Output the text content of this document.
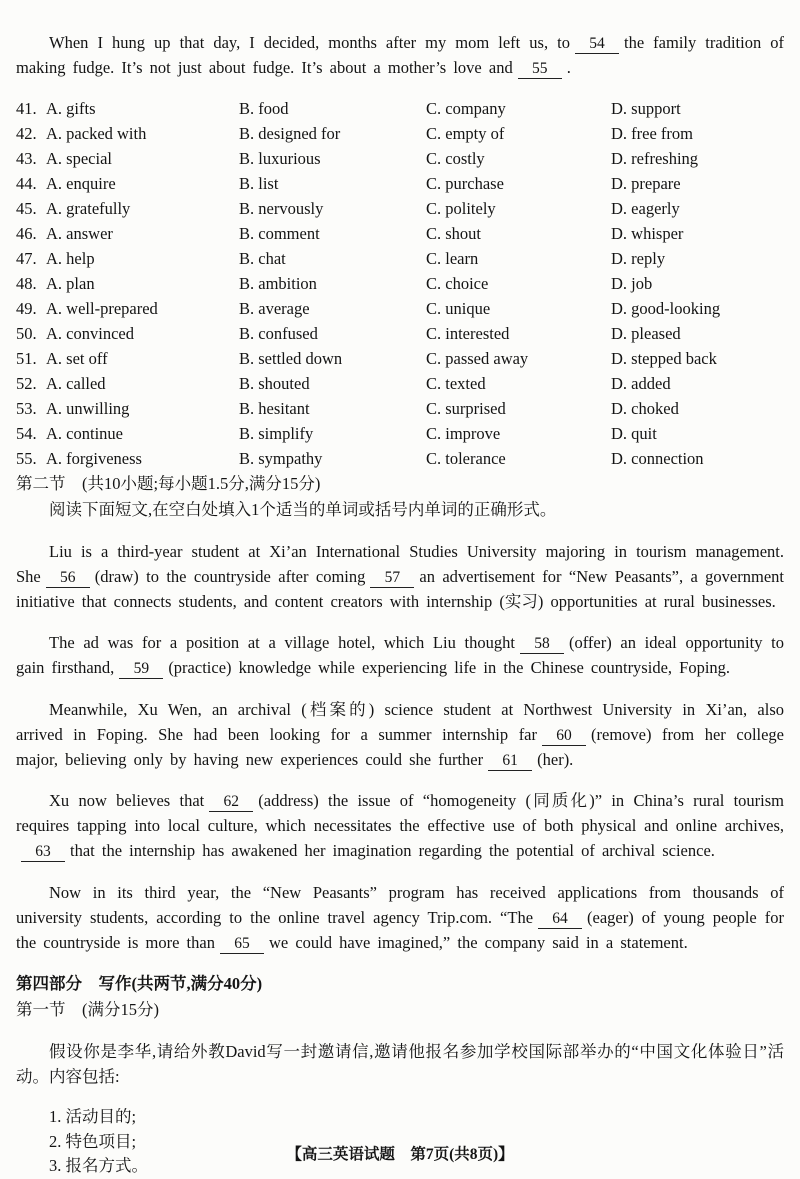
When I hung up that day, I decided, months after my mom left us, to 54 the family tradition of making fudge. It’s not just about fudge. It’s about a mother’s love and 55 .

41. A. gifts	B. food	C. company	D. support
42. A. packed with	B. designed for	C. empty of	D. free from
43. A. special	B. luxurious	C. costly	D. refreshing
44. A. enquire	B. list	C. purchase	D. prepare
45. A. gratefully	B. nervously	C. politely	D. eagerly
46. A. answer	B. comment	C. shout	D. whisper
47. A. help	B. chat	C. learn	D. reply
48. A. plan	B. ambition	C. choice	D. job
49. A. well-prepared	B. average	C. unique	D. good-looking
50. A. convinced	B. confused	C. interested	D. pleased
51. A. set off	B. settled down	C. passed away	D. stepped back
52. A. called	B. shouted	C. texted	D. added
53. A. unwilling	B. hesitant	C. surprised	D. choked
54. A. continue	B. simplify	C. improve	D. quit
55. A. forgiveness	B. sympathy	C. tolerance	D. connection
第二节　(共10小题;每小题1.5分,满分15分)
阅读下面短文,在空白处填入1个适当的单词或括号内单词的正确形式。

Liu is a third-year student at Xi’an International Studies University majoring in tourism management. She 56 (draw) to the countryside after coming 57 an advertisement for “New Peasants”, a government initiative that connects students, and content creators with internship (实习) opportunities at rural businesses.

The ad was for a position at a village hotel, which Liu thought 58 (offer) an ideal opportunity to gain firsthand, 59 (practice) knowledge while experiencing life in the Chinese countryside, Foping.

Meanwhile, Xu Wen, an archival (档案的) science student at Northwest University in Xi’an, also arrived in Foping. She had been looking for a summer internship far 60 (remove) from her college major, believing only by having new experiences could she further 61 (her).

Xu now believes that 62 (address) the issue of “homogeneity (同质化)” in China’s rural tourism requires tapping into local culture, which necessitates the effective use of both physical and online archives,63 that the internship has awakened her imagination regarding the potential of archival science.

Now in its third year, the “New Peasants” program has received applications from thousands of university students, according to the online travel agency Trip.com. “The 64 (eager) of young people for the countryside is more than 65 we could have imagined,” the company said in a statement.

第四部分　写作(共两节,满分40分)
第一节　(满分15分)

假设你是李华,请给外教David写一封邀请信,邀请他报名参加学校国际部举办的“中国文化体验日”活动。内容包括:

1. 活动目的;
2. 特色项目;
3. 报名方式。
【高三英语试题　第7页(共8页)】
